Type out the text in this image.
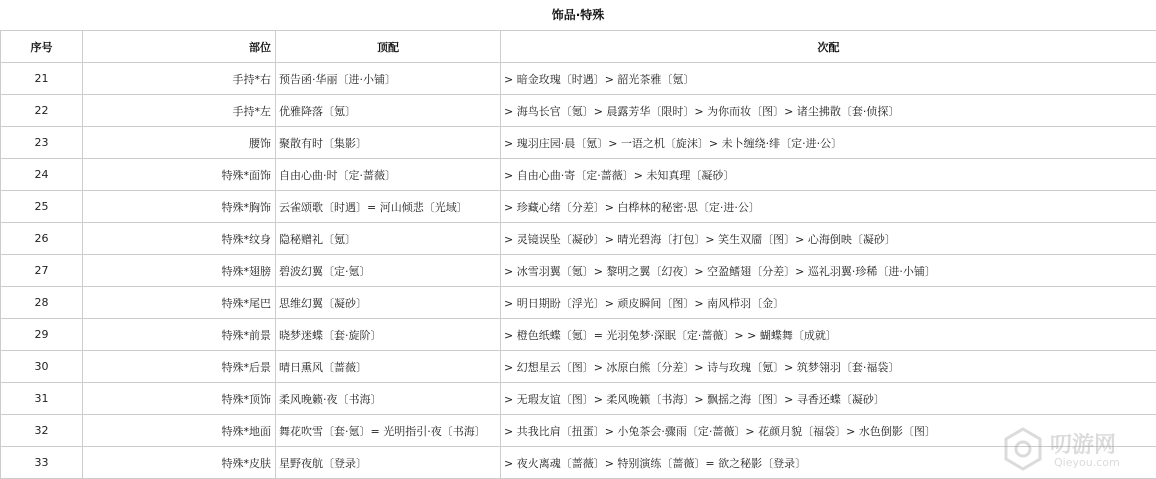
饰品·特殊
序号	部位	顶配	次配
21	手持*右	预告函·华丽〔进·小铺〕	> 暗金玫瑰〔时遇〕> 韶光茶雅〔氪〕
22	手持*左	优雅降落〔氪〕	> 海鸟长官〔氪〕> 晨露芳华〔限时〕> 为你而妆〔图〕> 诸尘拂散〔套·侦探〕
23	腰饰	聚散有时〔集影〕	> 瑰羽庄园·晨〔氪〕> 一语之机〔旋沫〕> 未卜缠绕·绯〔定·进·公〕
24	特殊*面饰	自由心曲·时〔定·蔷薇〕	> 自由心曲·寄〔定·蔷薇〕> 未知真理〔凝砂〕
25	特殊*胸饰	云雀颂歌〔时遇〕= 河山倾悲〔光域〕	> 珍藏心绪〔分差〕> 白桦林的秘密·思〔定·进·公〕
26	特殊*纹身	隐秘赠礼〔氪〕	> 灵镜误坠〔凝砂〕> 晴光碧海〔打包〕> 笑生双靥〔图〕> 心海倒映〔凝砂〕
27	特殊*翅膀	碧波幻翼〔定·氪〕	> 冰雪羽翼〔氪〕> 黎明之翼〔幻夜〕> 空盈鳍翅〔分差〕> 巡礼羽翼·珍稀〔进·小铺〕
28	特殊*尾巴	思维幻翼〔凝砂〕	> 明日期盼〔浮光〕> 顽皮瞬间〔图〕> 南风栉羽〔金〕
29	特殊*前景	晓梦迷蝶〔套·旋阶〕	> 橙色纸蝶〔氪〕= 光羽兔梦·深眠〔定·蔷薇〕> > 蝴蝶舞〔成就〕
30	特殊*后景	晴日熏风〔蔷薇〕	> 幻想星云〔图〕> 冰原白熊〔分差〕> 诗与玫瑰〔氪〕> 筑梦翎羽〔套·福袋〕
31	特殊*顶饰	柔风晚籁·夜〔书海〕	> 无瑕友谊〔图〕> 柔风晚籁〔书海〕> 飘摇之海〔图〕> 寻香还蝶〔凝砂〕
32	特殊*地面	舞花吹雪〔套·氪〕= 光明指引·夜〔书海〕	> 共我比肩〔扭蛋〕> 小兔茶会·骤雨〔定·蔷薇〕> 花颜月貌〔福袋〕> 水色倒影〔图〕
33	特殊*皮肤	星野夜航〔登录〕	> 夜火离魂〔蔷薇〕> 特别演练〔蔷薇〕= 欲之秘影〔登录〕
叨游网
Qieyou.com
